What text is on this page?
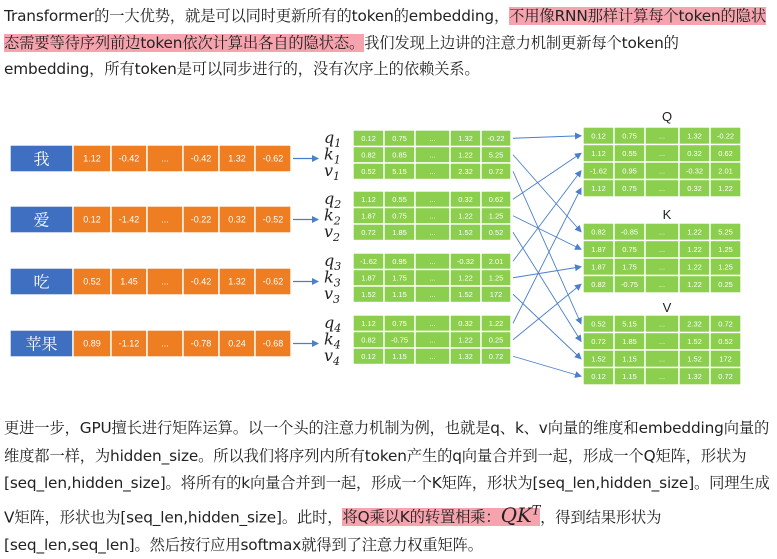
Transformer的一大优势，就是可以同时更新所有的token的embedding，不用像RNN那样计算每个token的隐状态需要等待序列前边token依次计算出各自的隐状态。我们发现上边讲的注意力机制更新每个token的embedding，所有token是可以同步进行的，没有次序上的依赖关系。
我	1.12 -0.42 ... -0.42 1.32 -0.62
$q_1$	0.12 0.75	...	1.32 -0.22
$k_1$	0.82 0.85	...	1.22 5.25
$v_1$	0.52 5.15	...	2.32 0.72
爱	0.12 -1.42 ... -0.22 0.32 -0.52
$q_2$	1.12 0.55	...	0.32 0.62
$k_2$	1.87 0.75	...	1.22 1.25
$v_2$	0.72 1.85	...	1.52 0.52
吃	0.52 1.45	... -0.42 1.32 -0.62
$q_3$ -1.62 0.95	...	-0.32 2.01
$k_3$	1.87 1.75	...	1.22 1.25
$v_3$	1.52 1.15	...	1.52 172
苹果	0.89 -1.12 ... -0.78 0.24 -0.68
$q_4$	1.12 0.75	...	0.32 1.22
$k_4$	0.82 -0.75	...	1.22 0.25
$v_4$	0.12 1.15	...	1.32 0.72
Q
0.12 0.75	...	1.32 -0.22
1.12 0.55	...	0.32 0.62
-1.62 0.95	...	-0.32 2.01
1.12 0.75	...	0.32 1.22
K
0.82 -0.85	...	1.22 5.25
1.87 0.75	...	1.22 1.25
1.87 1.75	...	1.22 1.25
0.82 -0.75	...	1.22 0.25
V
0.52 5.15	...	2.32 0.72
0.72 1.85	...	1.52 0.52
1.52 1.15	...	1.52 172
0.12 1.15	...	1.32 0.72
更进一步，GPU擅长进行矩阵运算。以一个头的注意力机制为例，也就是q、k、v向量的维度和embedding向量的维度都一样，为hidden_size。所以我们将序列内所有token产生的q向量合并到一起，形成一个Q矩阵，形状为[seq_len,hidden_size]。将所有的k向量合并到一起，形成一个K矩阵，形状为[seq_len,hidden_size]。同理生成V矩阵，形状也为[seq_len,hidden_size]。此时，将Q乘以K的转置相乘：$QK^T$，得到结果形状为[seq_len,seq_len]。然后按行应用softmax就得到了注意力权重矩阵。
